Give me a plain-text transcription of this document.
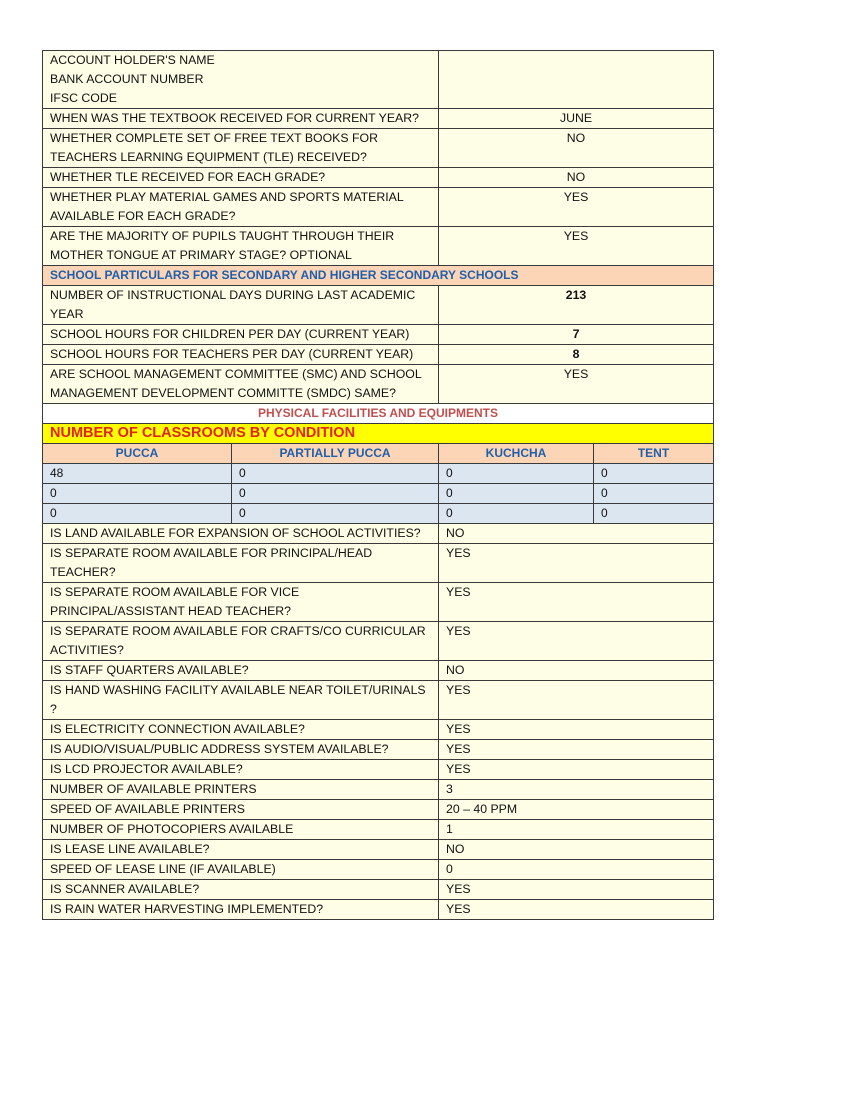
ACCOUNT HOLDER'S NAME
BANK ACCOUNT NUMBER
IFSC CODE			
WHEN WAS THE TEXTBOOK RECEIVED FOR CURRENT YEAR?		JUNE	
WHETHER COMPLETE SET OF FREE TEXT BOOKS FOR TEACHERS LEARNING EQUIPMENT (TLE) RECEIVED?		NO	
WHETHER TLE RECEIVED FOR EACH GRADE?		NO	
WHETHER PLAY MATERIAL GAMES AND SPORTS MATERIAL AVAILABLE FOR EACH GRADE?		YES	
ARE THE MAJORITY OF PUPILS TAUGHT THROUGH THEIR MOTHER TONGUE AT PRIMARY STAGE? OPTIONAL		YES	
SCHOOL PARTICULARS FOR SECONDARY AND HIGHER SECONDARY SCHOOLS			
NUMBER OF INSTRUCTIONAL DAYS DURING LAST ACADEMIC YEAR		213	
SCHOOL HOURS FOR CHILDREN PER DAY (CURRENT YEAR)		7	
SCHOOL HOURS FOR TEACHERS PER DAY (CURRENT YEAR)		8	
ARE SCHOOL MANAGEMENT COMMITTEE (SMC) AND SCHOOL MANAGEMENT DEVELOPMENT COMMITTE (SMDC) SAME?		YES	
PHYSICAL FACILITIES AND EQUIPMENTS			
NUMBER OF CLASSROOMS BY CONDITION			
PUCCA	PARTIALLY PUCCA	KUCHCHA	TENT
48	0	0	0
0	0	0	0
0	0	0	0
IS LAND AVAILABLE FOR EXPANSION OF SCHOOL ACTIVITIES?		NO	
IS SEPARATE ROOM AVAILABLE FOR PRINCIPAL/HEAD TEACHER?		YES	
IS SEPARATE ROOM AVAILABLE FOR VICE PRINCIPAL/ASSISTANT HEAD TEACHER?		YES	
IS SEPARATE ROOM AVAILABLE FOR CRAFTS/CO CURRICULAR ACTIVITIES?		YES	
IS STAFF QUARTERS AVAILABLE?		NO	
IS HAND WASHING FACILITY AVAILABLE NEAR TOILET/URINALS ?		YES	
IS ELECTRICITY CONNECTION AVAILABLE?		YES	
IS AUDIO/VISUAL/PUBLIC ADDRESS SYSTEM AVAILABLE?		YES	
IS LCD PROJECTOR AVAILABLE?		YES	
NUMBER OF AVAILABLE PRINTERS		3	
SPEED OF AVAILABLE PRINTERS		20 – 40 PPM	
NUMBER OF PHOTOCOPIERS AVAILABLE		1	
IS LEASE LINE AVAILABLE?		NO	
SPEED OF LEASE LINE (IF AVAILABLE)		0	
IS SCANNER AVAILABLE?		YES	
IS RAIN WATER HARVESTING IMPLEMENTED?		YES	
